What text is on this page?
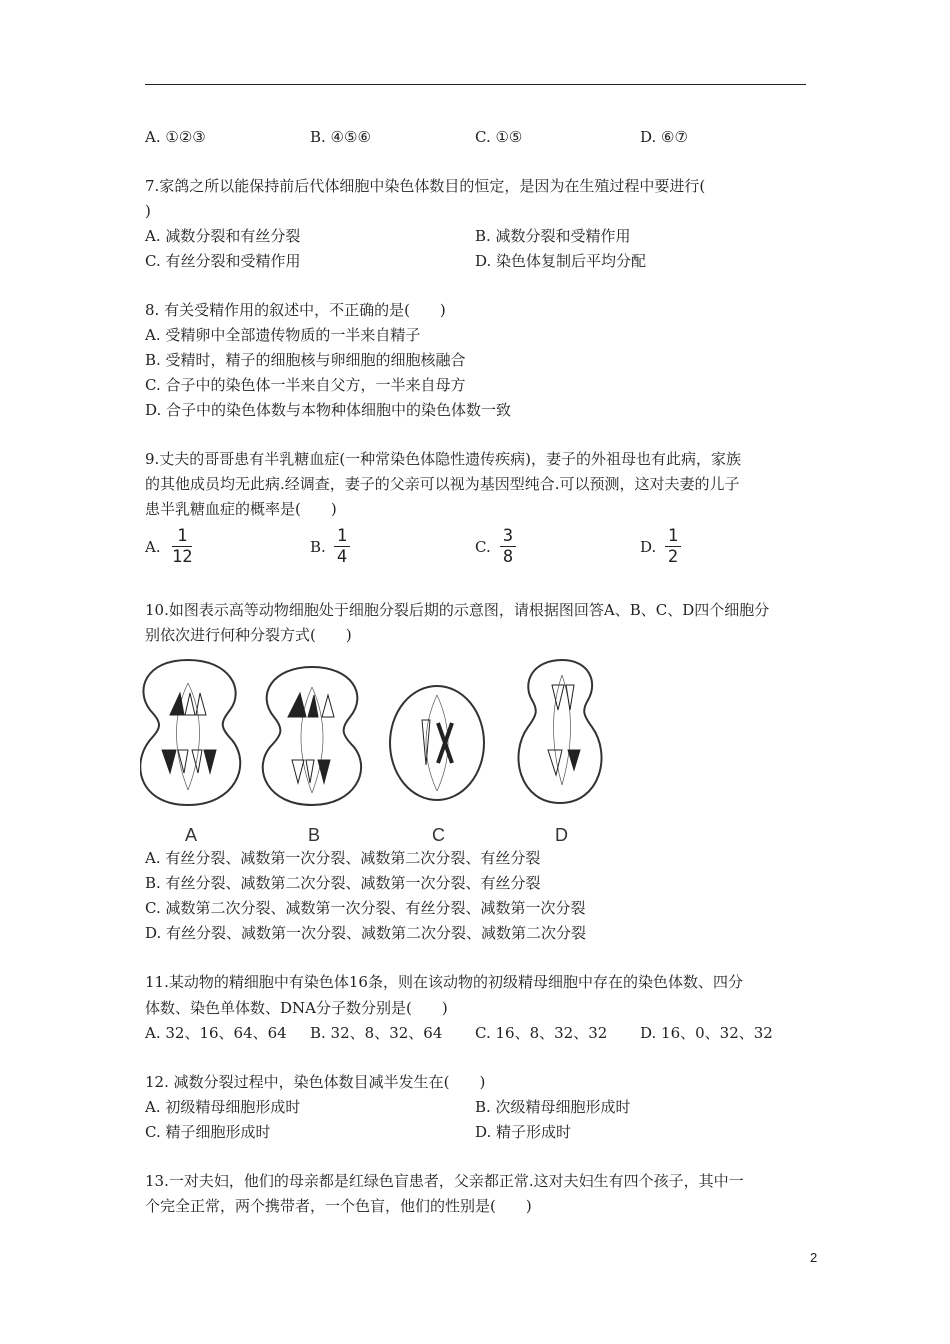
A. ①②③	B. ④⑤⑥	C. ①⑤	D. ⑥⑦
7.家鸽之所以能保持前后代体细胞中染色体数目的恒定，是因为在生殖过程中要进行(
)
A. 减数分裂和有丝分裂	B. 减数分裂和受精作用
C. 有丝分裂和受精作用	D. 染色体复制后平均分配
8. 有关受精作用的叙述中，不正确的是(　　)
A. 受精卵中全部遗传物质的一半来自精子
B. 受精时，精子的细胞核与卵细胞的细胞核融合
C. 合子中的染色体一半来自父方，一半来自母方
D. 合子中的染色体数与本物种体细胞中的染色体数一致
9.丈夫的哥哥患有半乳糖血症(一种常染色体隐性遗传疾病)，妻子的外祖母也有此病，家族
的其他成员均无此病.经调查，妻子的父亲可以视为基因型纯合.可以预测，这对夫妻的儿子
患半乳糖血症的概率是(　　)
A.
1
12	B.
1
4	C.
3
8	D.
1
2
10.如图表示高等动物细胞处于细胞分裂后期的示意图，请根据图回答A、B、C、D四个细胞分
别依次进行何种分裂方式(　　)
A	B	C	D
A. 有丝分裂、减数第一次分裂、减数第二次分裂、有丝分裂
B. 有丝分裂、减数第二次分裂、减数第一次分裂、有丝分裂
C. 减数第二次分裂、减数第一次分裂、有丝分裂、减数第一次分裂
D. 有丝分裂、减数第一次分裂、减数第二次分裂、减数第二次分裂
11.某动物的精细胞中有染色体16条，则在该动物的初级精母细胞中存在的染色体数、四分
体数、染色单体数、DNA分子数分别是(　　)
A. 32、16、64、64 B. 32、8、32、64 C. 16、8、32、32 D. 16、0、32、32
12. 减数分裂过程中，染色体数目减半发生在(　　)
A. 初级精母细胞形成时	B. 次级精母细胞形成时
C. 精子细胞形成时	D. 精子形成时
13.一对夫妇，他们的母亲都是红绿色盲患者，父亲都正常.这对夫妇生有四个孩子，其中一
个完全正常，两个携带者，一个色盲，他们的性别是(　　)
2
